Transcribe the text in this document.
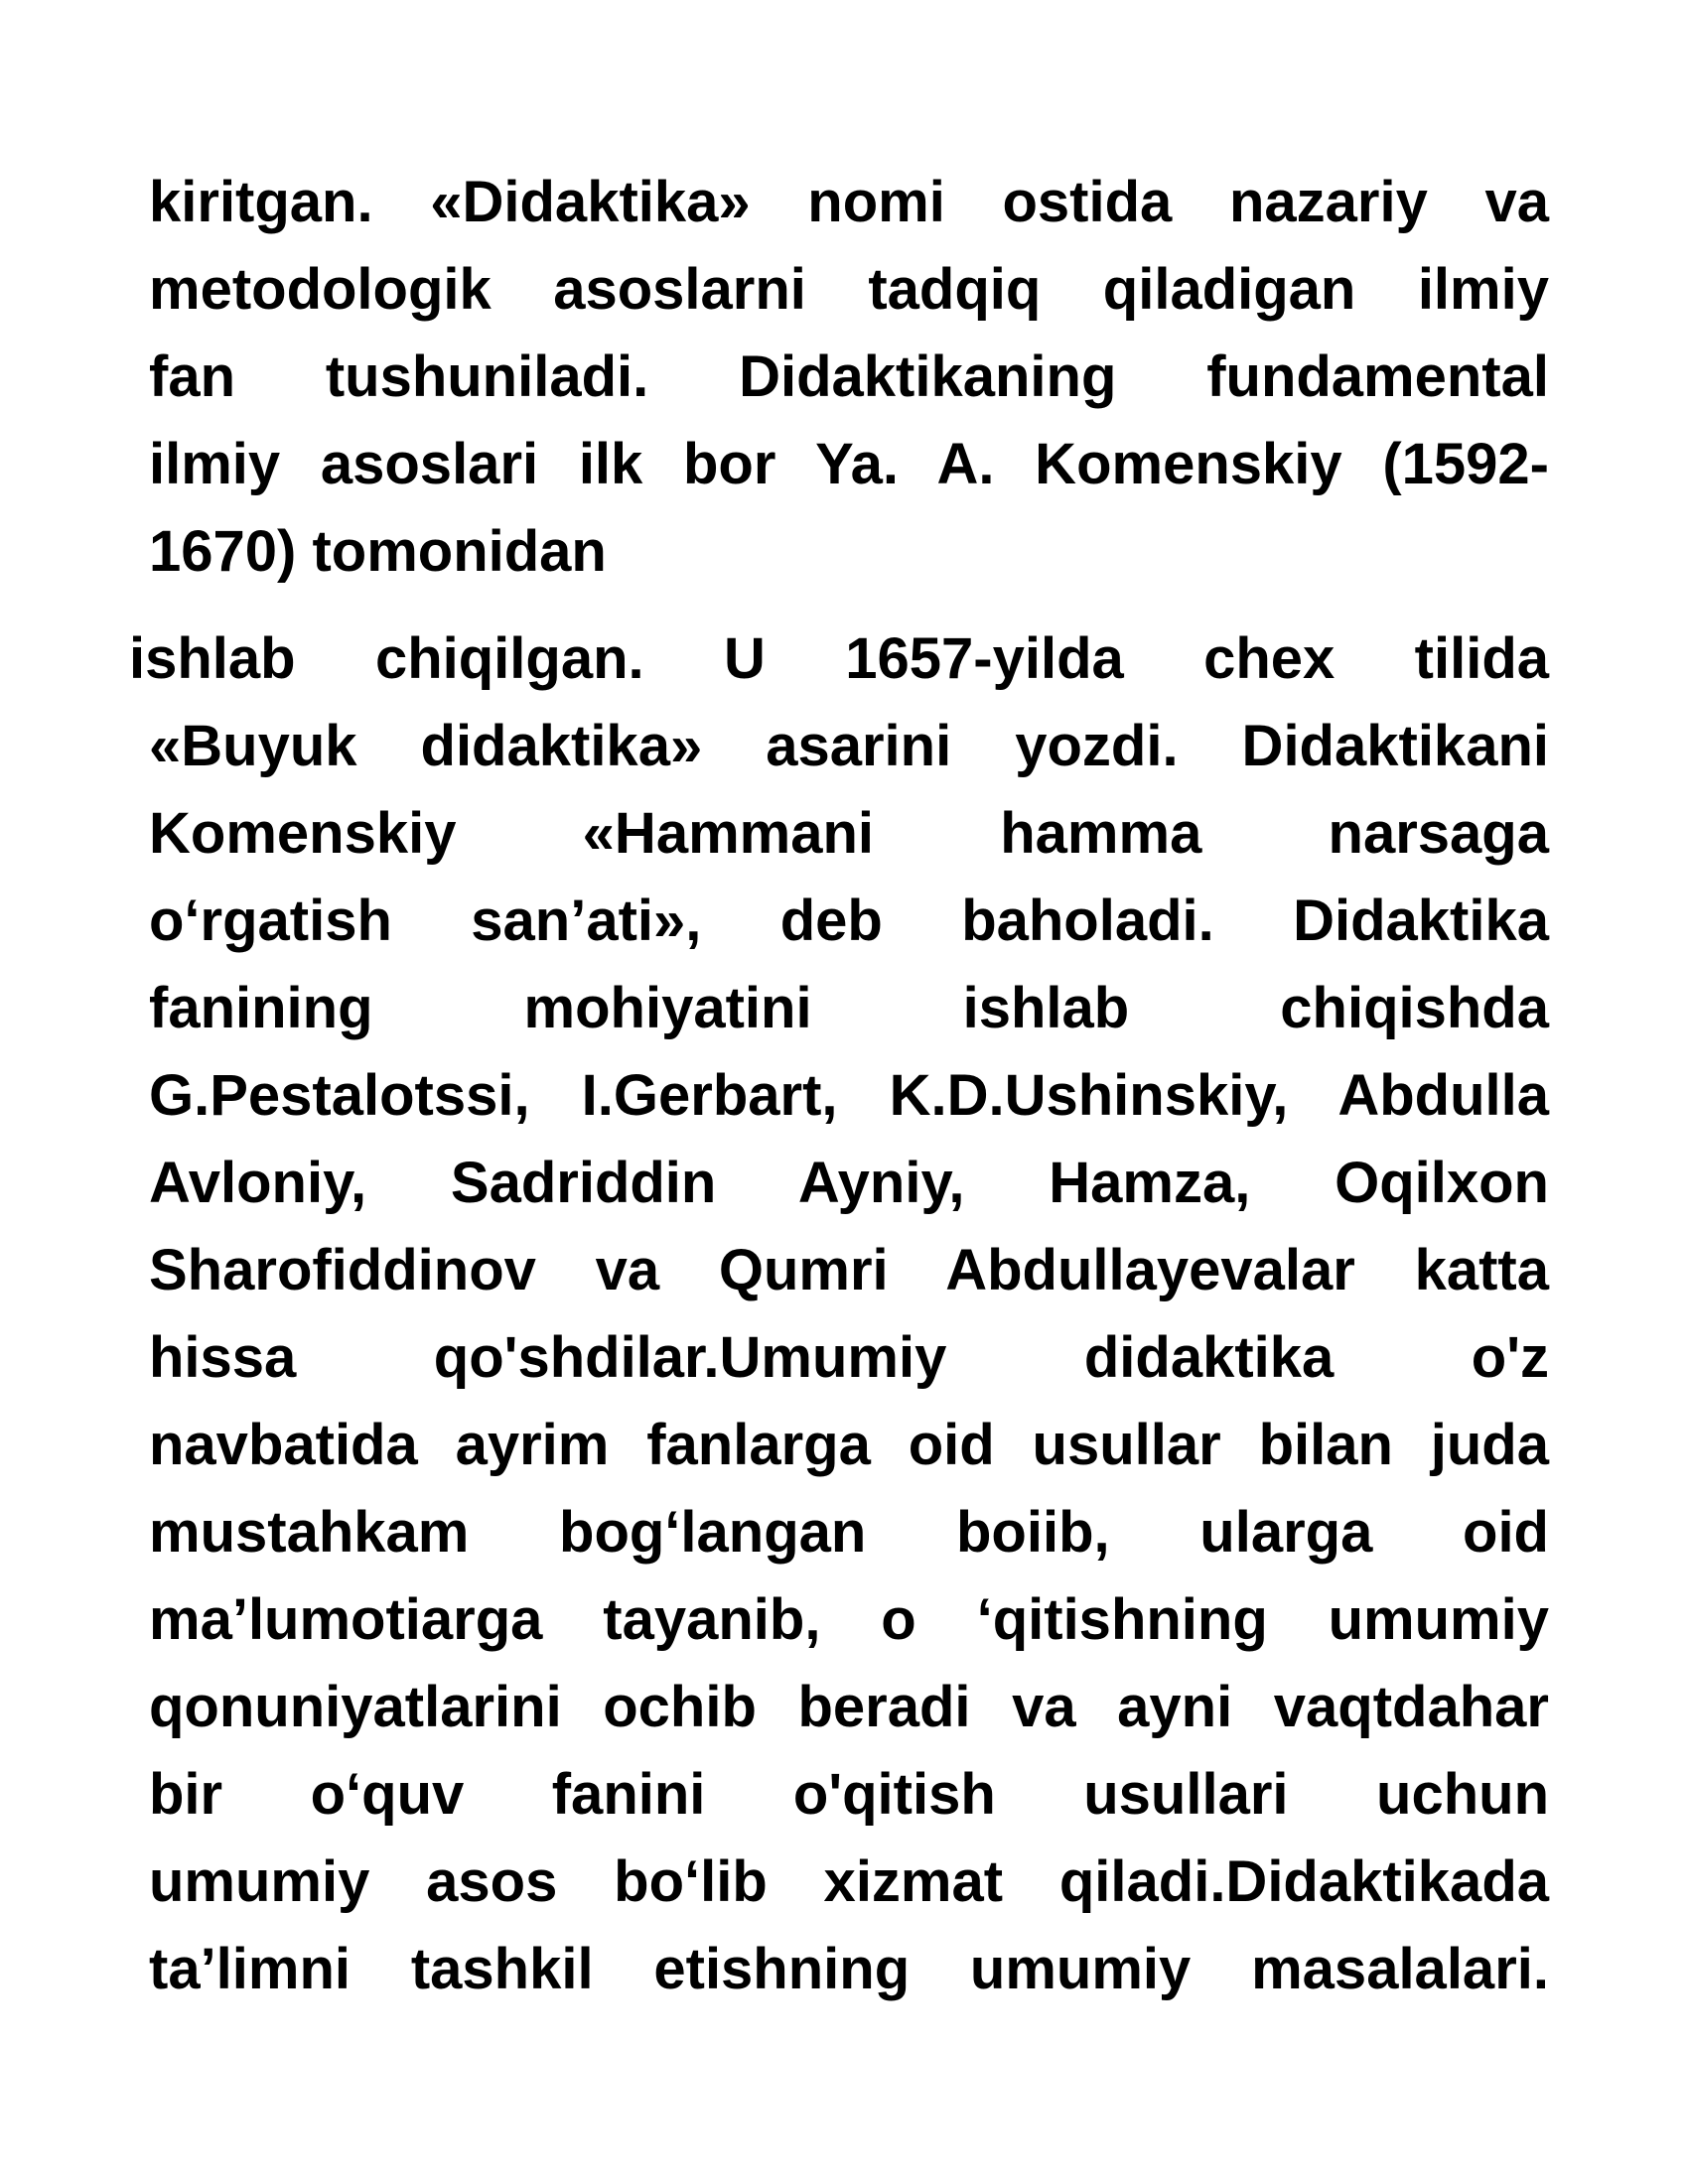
kiritgan. «Didaktika» nomi ostida nazariy va
metodologik asoslarni tadqiq qiladigan ilmiy
fan tushuniladi. Didaktikaning fundamental
ilmiy asoslari ilk bor Ya. A. Komenskiy (1592-
1670) tomonidan
ishlab chiqilgan. U 1657-yilda chex tilida
«Buyuk didaktika» asarini yozdi. Didaktikani
Komenskiy «Hammani hamma narsaga
o‘rgatish san’ati», deb baholadi. Didaktika
fanining mohiyatini ishlab chiqishda
G.Pestalotssi, I.Gerbart, K.D.Ushinskiy, Abdulla
Avloniy, Sadriddin Ayniy, Hamza, Oqilxon
Sharofiddinov va Qumri Abdullayevalar katta
hissa qo'shdilar.Umumiy didaktika o'z
navbatida ayrim fanlarga oid usullar bilan juda
mustahkam bog‘langan boiib, ularga oid
ma’lumotiarga tayanib, o ‘qitishning umumiy
qonuniyatlarini ochib beradi va ayni vaqtdahar
bir o‘quv fanini o'qitish usullari uchun
umumiy asos bo‘lib xizmat qiladi.Didaktikada
ta’limni tashkil etishning umumiy masalalari.
